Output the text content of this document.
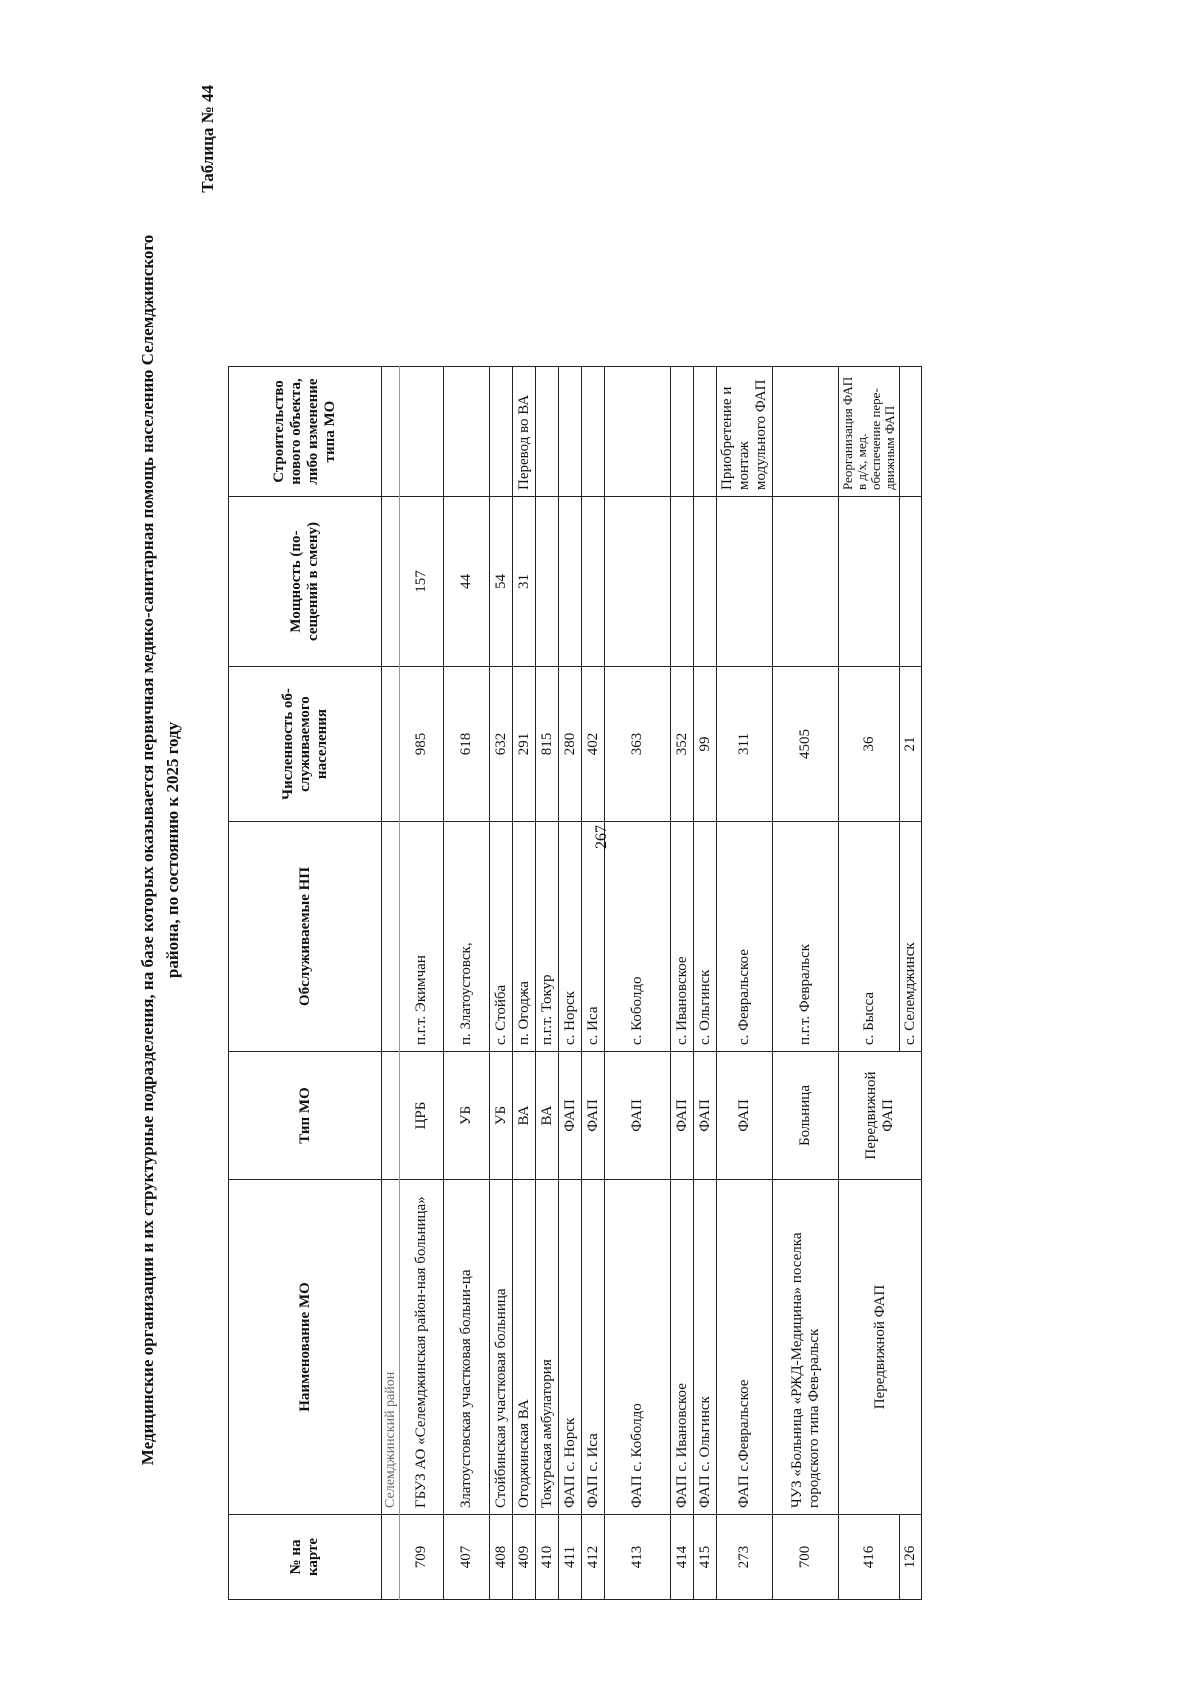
Медицинские организации и их структурные подразделения, на базе которых оказывается первичная медико-санитарная помощь населению Селемджинского района, по состоянию к 2025 году
Таблица № 44
№ на карте	Наименование МО	Тип МО	Обслуживаемые НП	Численность об-служиваемого населения	Мощность (по-сещений в смену)	Строительство нового объекта, либо изменение типа МО
	Селемджинский район					
709	ГБУЗ АО «Селемджинская район-ная больница»	ЦРБ	п.г.т. Экимчан	985	157	
407	Златоустовская участковая больни-ца	УБ	п. Златоустовск,	618	44	
408	Стойбинская участковая больница	УБ	с. Стойба	632	54	
409	Огоджинская ВА	ВА	п. Огоджа	291	31	Перевод во ВА
410	Токурская амбулатория	ВА	п.г.т. Токур	815		
411	ФАП с. Норск	ФАП	с. Норск	280		
412	ФАП с. Иса	ФАП	с. Иса	402		
413	ФАП с. Коболдо	ФАП	с. Коболдо	363		
414	ФАП с. Ивановское	ФАП	с. Ивановское	352		
415	ФАП с. Ольгинск	ФАП	с. Ольгинск	99		
273	ФАП с.Февральское	ФАП	с. Февральское	311		Приобретение и монтаж модульного ФАП
700	ЧУЗ «Больница «РЖД-Медицина» поселка городского типа Фев-ральск	Больница	п.г.т. Февральск	4505		
416	Передвижной ФАП	Передвижной ФАП	с. Бысса	36		Реорганизация ФАП в д/х, мед. обеспечение пере-движным ФАП
126			с. Селемджинск	21		
267
